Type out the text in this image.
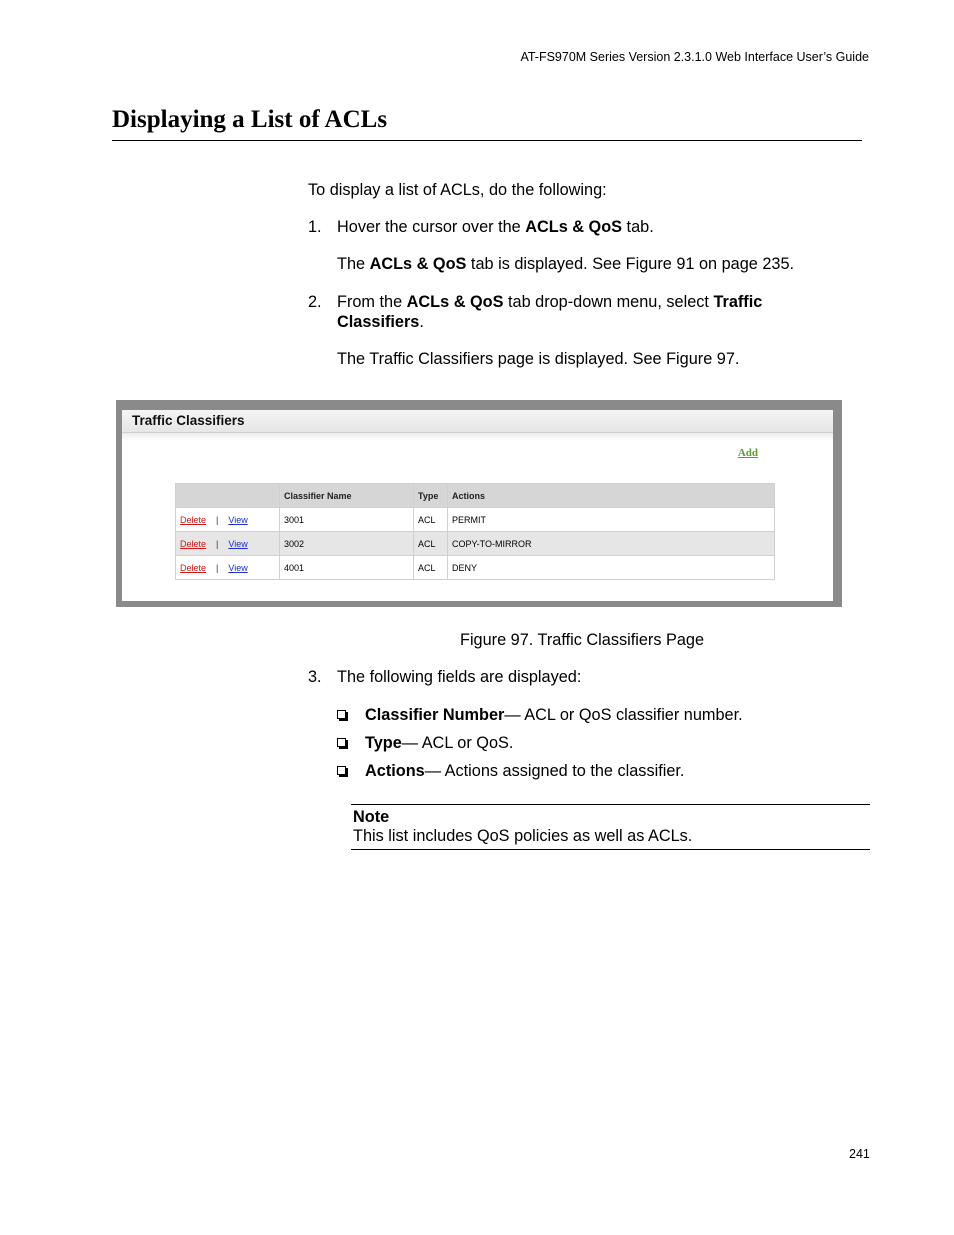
AT-FS970M Series Version 2.3.1.0 Web Interface User’s Guide
Displaying a List of ACLs
To display a list of ACLs, do the following:
1. Hover the cursor over the ACLs & QoS tab.
The ACLs & QoS tab is displayed. See Figure 91 on page 235.
2. From the ACLs & QoS tab drop-down menu, select Traffic
Classifiers.
The Traffic Classifiers page is displayed. See Figure 97.
Traffic Classifiers
Add
	Classifier Name	Type	Actions
Delete | View	3001	ACL	PERMIT
Delete | View	3002	ACL	COPY-TO-MIRROR
Delete | View	4001	ACL	DENY
Figure 97. Traffic Classifiers Page
3. The following fields are displayed:
Classifier Number— ACL or QoS classifier number.
Type— ACL or QoS.
Actions— Actions assigned to the classifier.
Note
This list includes QoS policies as well as ACLs.
241
